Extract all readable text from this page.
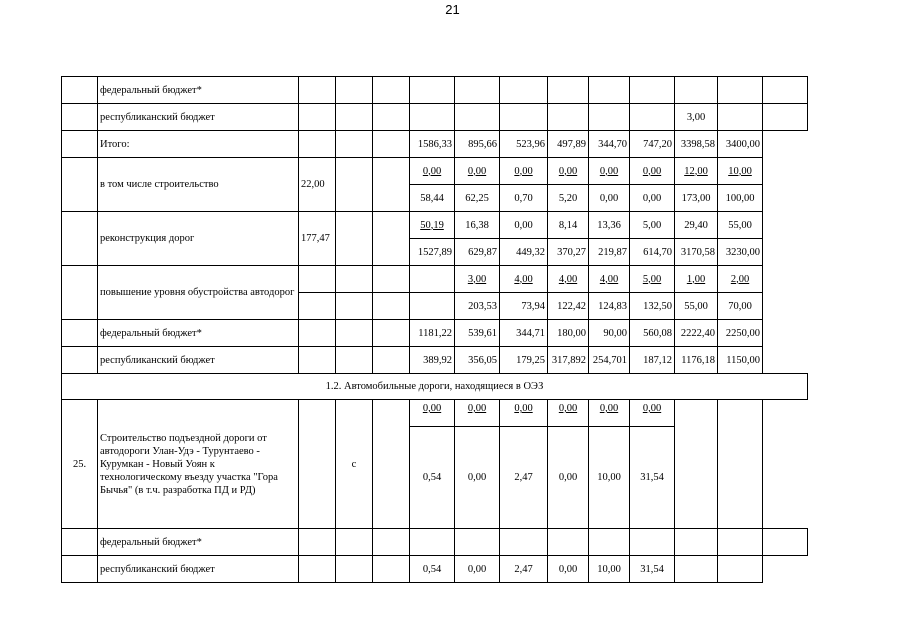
21
	федеральный бюджет*												
	республиканский бюджет										3,00		
	Итого:				1586,33	895,66	523,96	497,89	344,70	747,20	3398,58	3400,00	
	в том числе строительство	22,00			0,00	0,00	0,00	0,00	0,00	0,00	12,00	10,00	
					58,44	62,25	0,70	5,20	0,00	0,00	173,00	100,00	
	реконструкция дорог	177,47			50,19	16,38	0,00	8,14	13,36	5,00	29,40	55,00	
					1527,89	629,87	449,32	370,27	219,87	614,70	3170,58	3230,00	
	повышение уровня обустройства автодорог					3,00	4,00	4,00	4,00	5,00	1,00	2,00	
						203,53	73,94	122,42	124,83	132,50	55,00	70,00	
	федеральный бюджет*				1181,22	539,61	344,71	180,00	90,00	560,08	2222,40	2250,00	
	республиканский бюджет				389,92	356,05	179,25	317,892	254,701	187,12	1176,18	1150,00	
1.2. Автомобильные дороги, находящиеся в ОЭЗ													
25.	Строительство подъездной дороги от автодороги Улан-Удэ - Турунтаево - Курумкан - Новый Уоян к технологическому въезду участка "Гора Бычья" (в т.ч. разработка ПД и РД)		с		0,00	0,00	0,00	0,00	0,00	0,00			
					0,54	0,00	2,47	0,00	10,00	31,54			
	федеральный бюджет*												
	республиканский бюджет				0,54	0,00	2,47	0,00	10,00	31,54			
